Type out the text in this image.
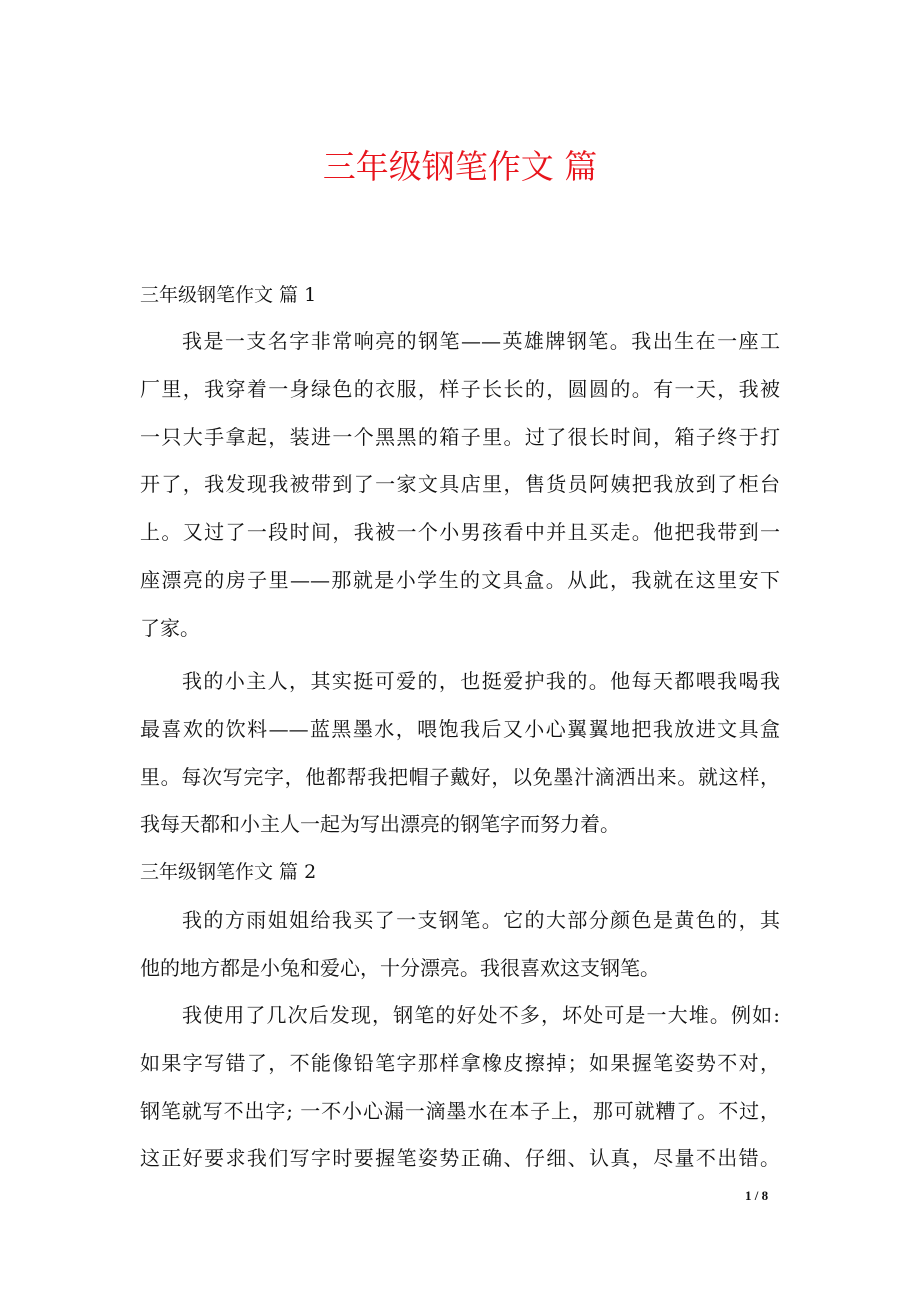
三年级钢笔作文 篇
三年级钢笔作文 篇 1
我是一支名字非常响亮的钢笔——英雄牌钢笔。我出生在一座工
厂里，我穿着一身绿色的衣服，样子长长的，圆圆的。有一天，我被
一只大手拿起，装进一个黑黑的箱子里。过了很长时间，箱子终于打
开了，我发现我被带到了一家文具店里，售货员阿姨把我放到了柜台
上。又过了一段时间，我被一个小男孩看中并且买走。他把我带到一
座漂亮的房子里——那就是小学生的文具盒。从此，我就在这里安下
了家。
我的小主人，其实挺可爱的，也挺爱护我的。他每天都喂我喝我
最喜欢的饮料——蓝黑墨水，喂饱我后又小心翼翼地把我放进文具盒
里。每次写完字，他都帮我把帽子戴好，以免墨汁滴洒出来。就这样，
我每天都和小主人一起为写出漂亮的钢笔字而努力着。
三年级钢笔作文 篇 2
我的方雨姐姐给我买了一支钢笔。它的大部分颜色是黄色的，其
他的地方都是小兔和爱心，十分漂亮。我很喜欢这支钢笔。
我使用了几次后发现，钢笔的好处不多，坏处可是一大堆。例如:
如果字写错了，不能像铅笔字那样拿橡皮擦掉；如果握笔姿势不对，
钢笔就写不出字; 一不小心漏一滴墨水在本子上，那可就糟了。不过，
这正好要求我们写字时要握笔姿势正确、仔细、认真，尽量不出错。
1 / 8
